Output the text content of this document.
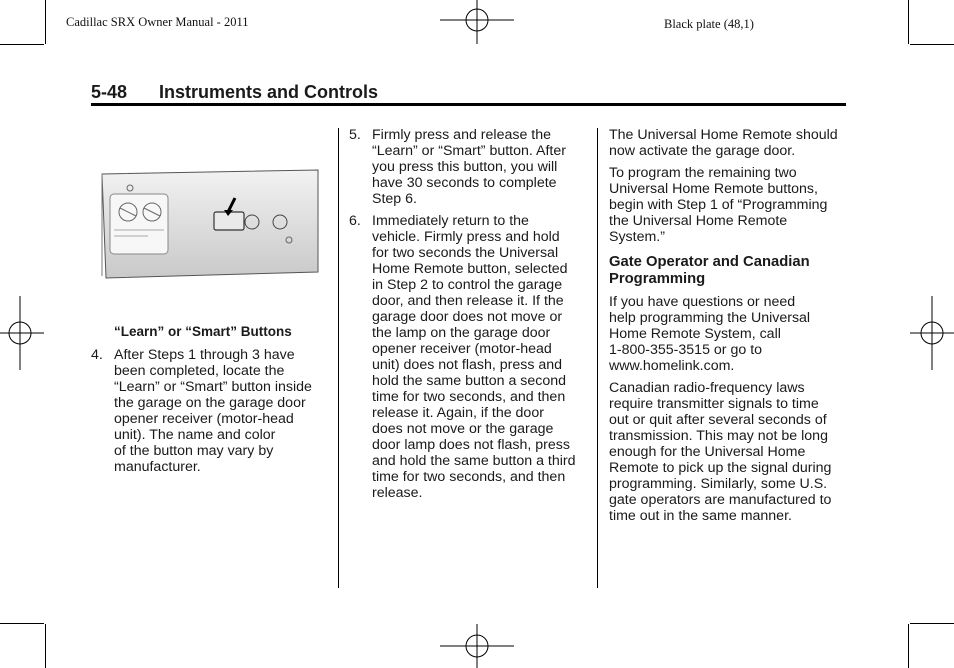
Cadillac SRX Owner Manual - 2011	Black plate (48,1)
5-48 Instruments and Controls
“Learn” or “Smart” Buttons
4. After Steps 1 through 3 have
been completed, locate the
“Learn” or “Smart” button inside
the garage on the garage door
opener receiver (motor-head
unit). The name and color
of the button may vary by
manufacturer.
5. Firmly press and release the
“Learn” or “Smart” button. After
you press this button, you will
have 30 seconds to complete
Step 6.
6. Immediately return to the
vehicle. Firmly press and hold
for two seconds the Universal
Home Remote button, selected
in Step 2 to control the garage
door, and then release it. If the
garage door does not move or
the lamp on the garage door
opener receiver (motor-head
unit) does not flash, press and
hold the same button a second
time for two seconds, and then
release it. Again, if the door
does not move or the garage
door lamp does not flash, press
and hold the same button a third
time for two seconds, and then
release.

The Universal Home Remote should
now activate the garage door.

To program the remaining two
Universal Home Remote buttons,
begin with Step 1 of “Programming
the Universal Home Remote
System.”

Gate Operator and Canadian
Programming

If you have questions or need
help programming the Universal
Home Remote System, call
1-800-355-3515 or go to
www.homelink.com.

Canadian radio-frequency laws
require transmitter signals to time
out or quit after several seconds of
transmission. This may not be long
enough for the Universal Home
Remote to pick up the signal during
programming. Similarly, some U.S.
gate operators are manufactured to
time out in the same manner.
